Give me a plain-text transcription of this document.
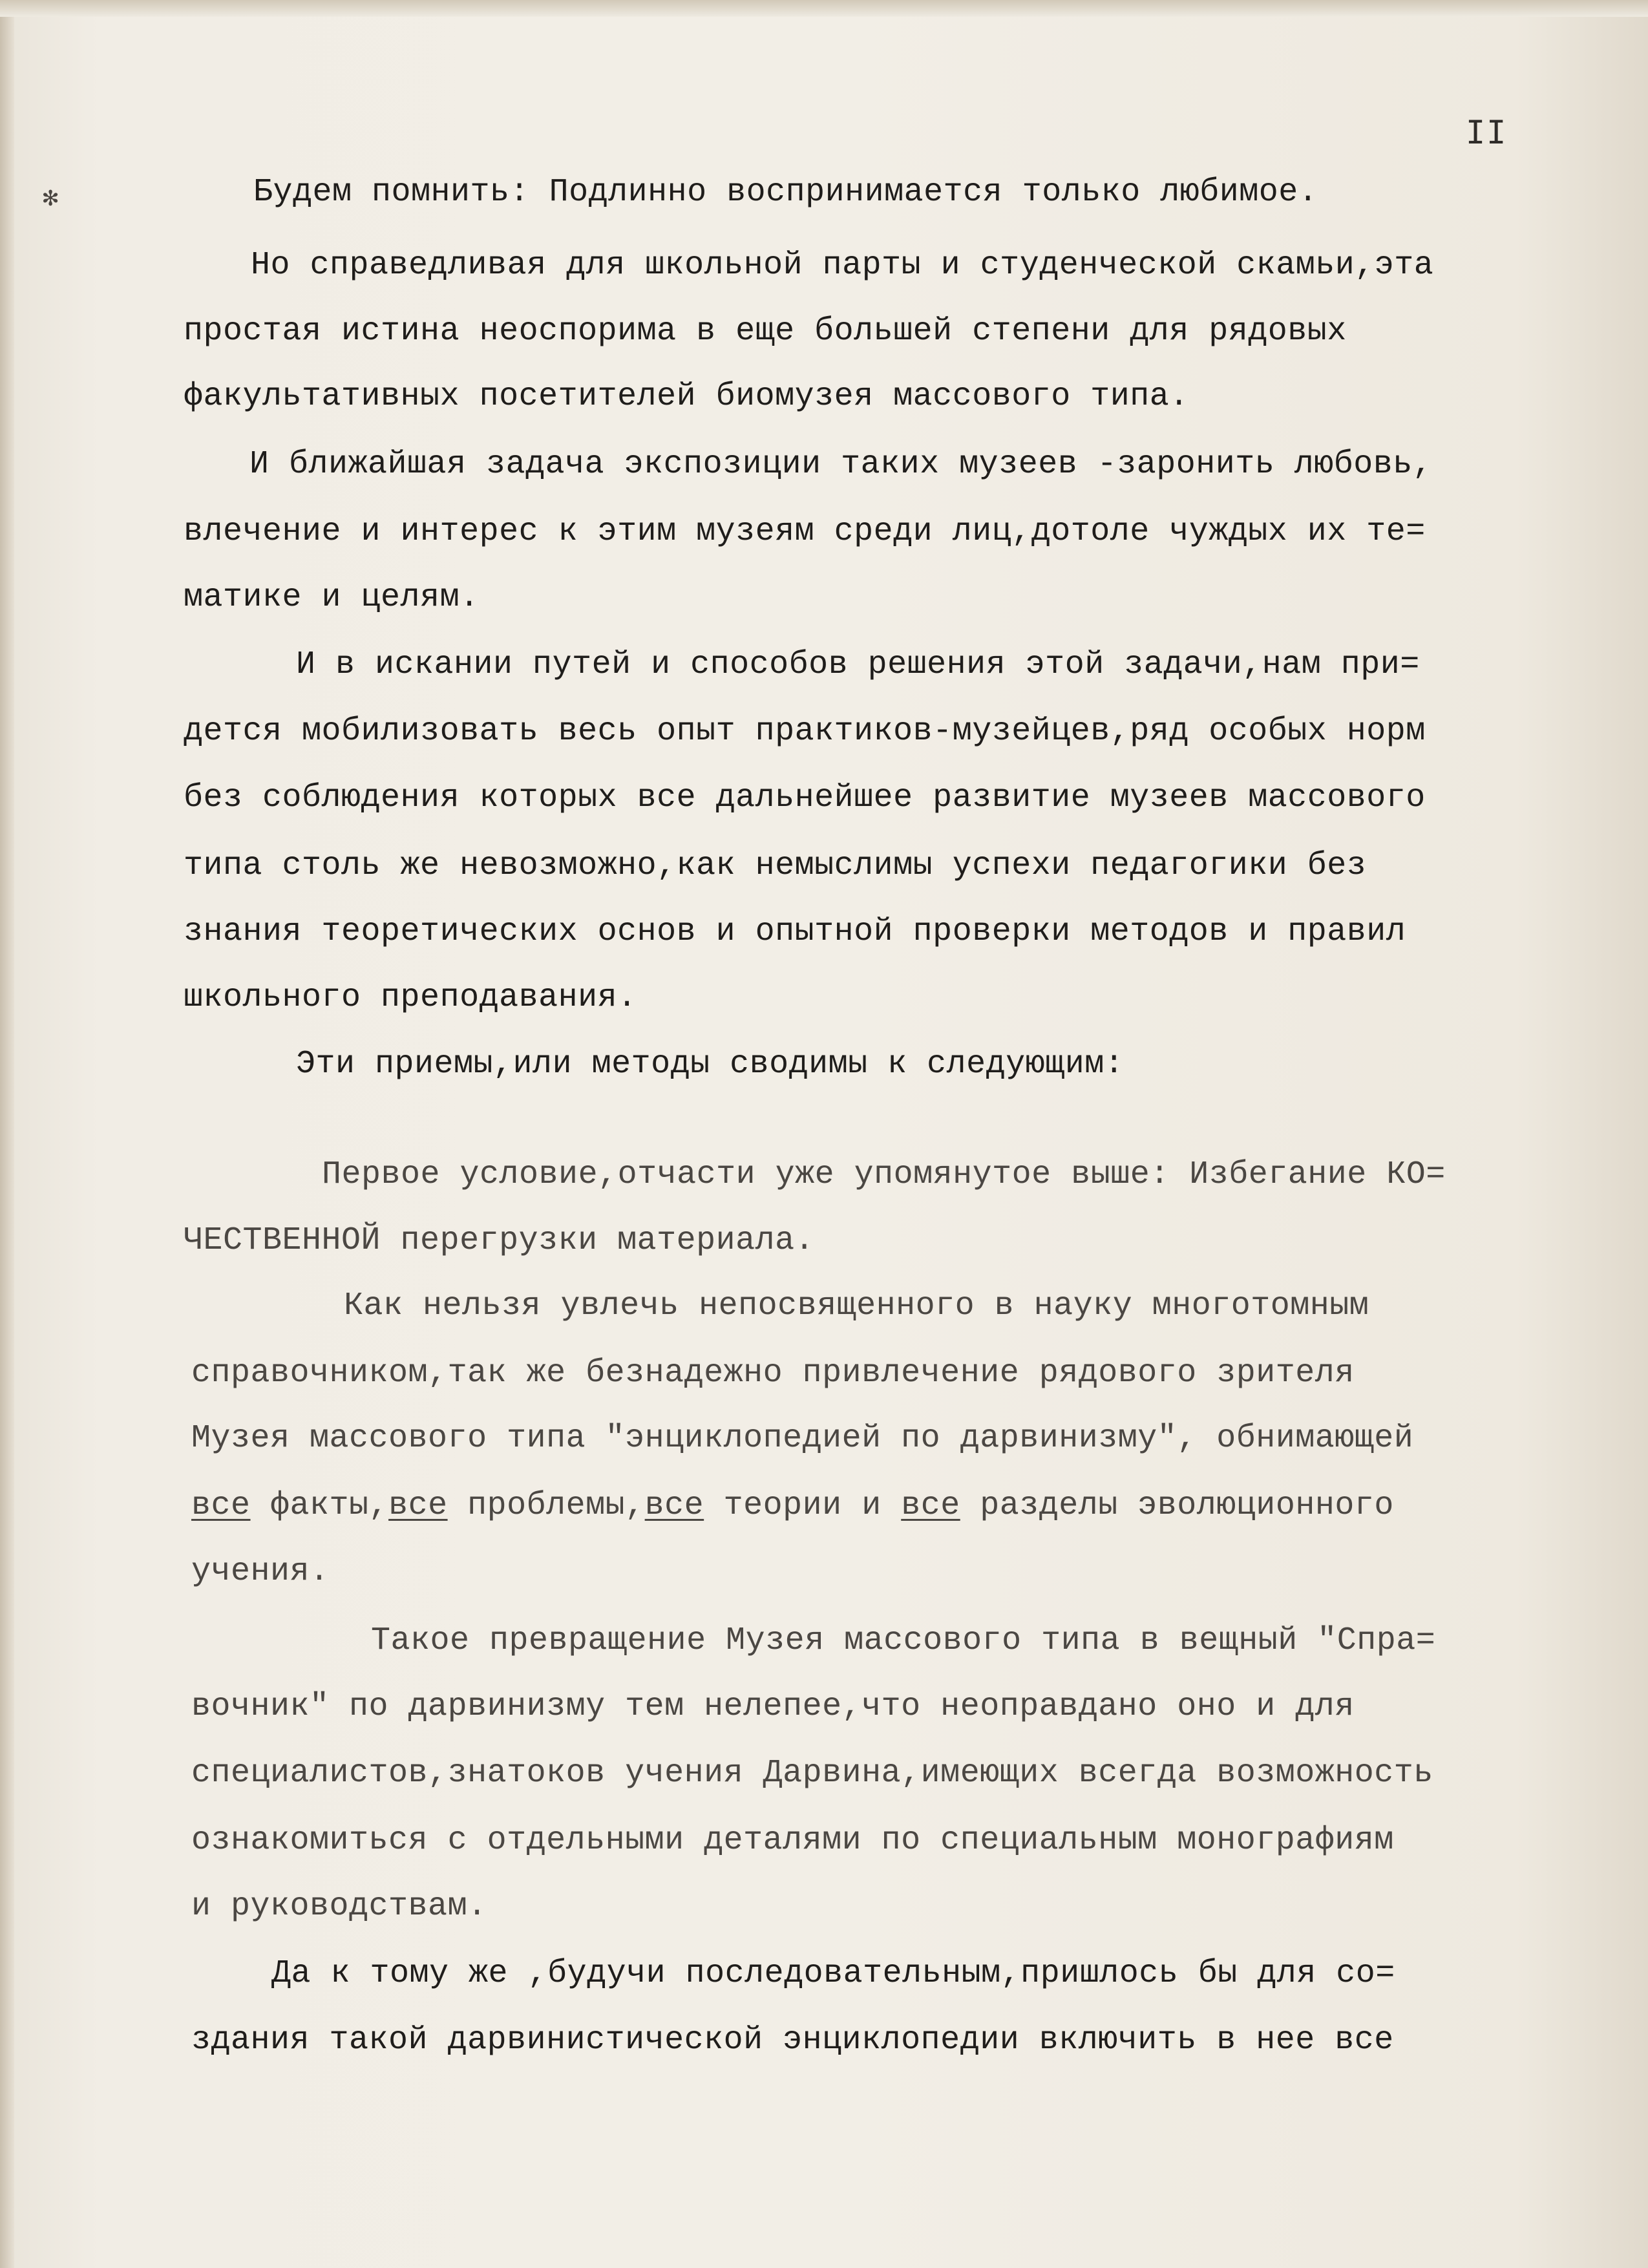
✻
II
Будем помнить: Подлинно воспринимается только любимое.
Но справедливая для школьной парты и студенческой скамьи,эта
простая истина неоспорима в еще большей степени для рядовых
факультативных посетителей биомузея массового типа.
И ближайшая задача экспозиции таких музеев -заронить любовь,
влечение и интерес к этим музеям среди лиц,дотоле чуждых их те=
матике и целям.
И в искании путей и способов решения этой задачи,нам при=
дется мобилизовать весь опыт практиков-музейцев,ряд особых норм
без соблюдения которых все дальнейшее развитие музеев массового
типа столь же невозможно,как немыслимы успехи педагогики без
знания теоретических основ и опытной проверки методов и правил
школьного преподавания.
Эти приемы,или методы сводимы к следующим:
Первое условие,отчасти уже упомянутое выше: Избегание КО=
ЧЕСТВЕННОЙ перегрузки материала.
Как нельзя увлечь непосвященного в науку многотомным
справочником,так же безнадежно привлечение рядового зрителя
Музея массового типа "энциклопедией по дарвинизму", обнимающей
все факты,все проблемы,все теории и все разделы эволюционного
учения.
Такое превращение Музея массового типа в вещный "Спра=
вочник" по дарвинизму тем нелепее,что неоправдано оно и для
специалистов,знатоков учения Дарвина,имеющих всегда возможность
ознакомиться с отдельными деталями по специальным монографиям
и руководствам.
Да к тому же ,будучи последовательным,пришлось бы для со=
здания такой дарвинистической энциклопедии включить в нее все
